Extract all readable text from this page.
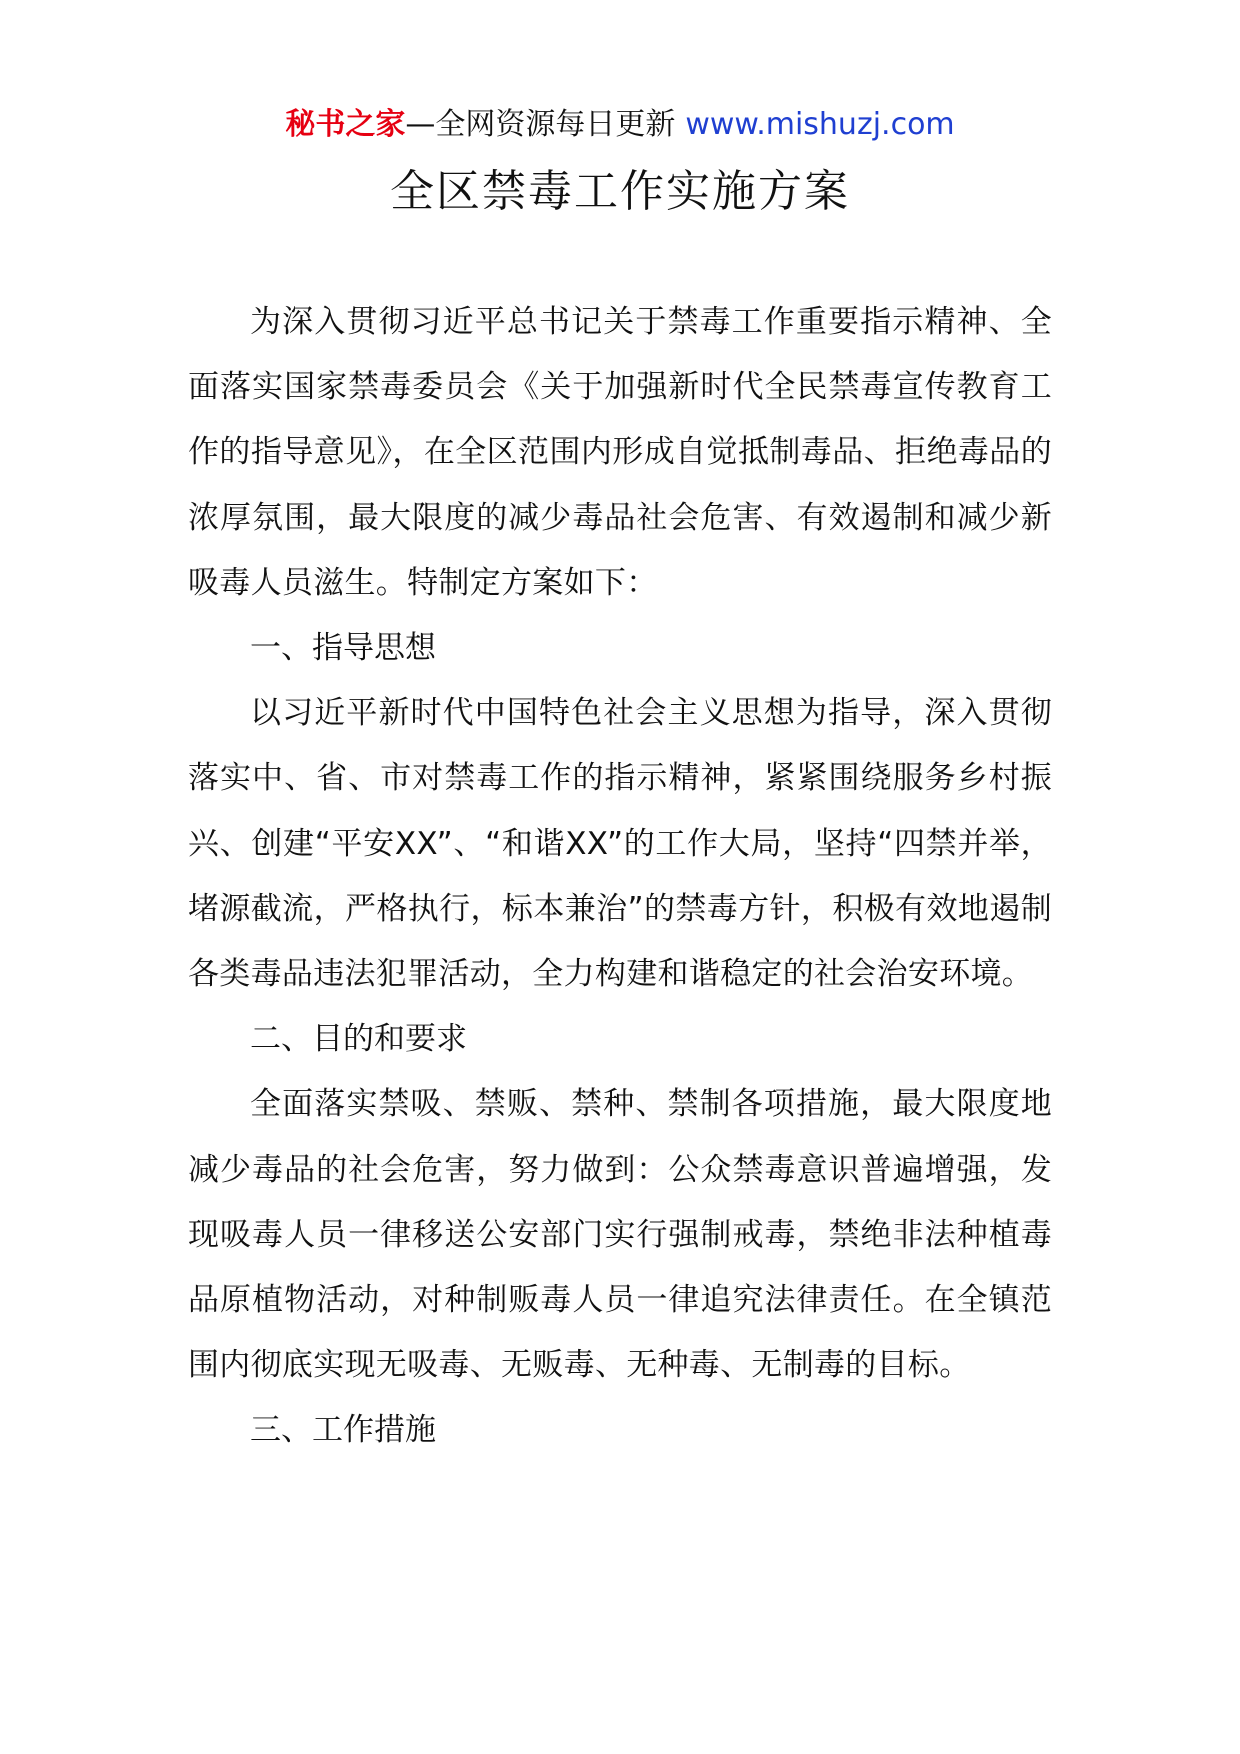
秘书之家—全网资源每日更新 www.mishuzj.com
全区禁毒工作实施方案

为深入贯彻习近平总书记关于禁毒工作重要指示精神、全面落实国家禁毒委员会《关于加强新时代全民禁毒宣传教育工作的指导意见》，在全区范围内形成自觉抵制毒品、拒绝毒品的浓厚氛围，最大限度的减少毒品社会危害、有效遏制和减少新吸毒人员滋生。特制定方案如下：

一、指导思想

以习近平新时代中国特色社会主义思想为指导，深入贯彻落实中、省、市对禁毒工作的指示精神，紧紧围绕服务乡村振兴、创建“平安XX”、“和谐XX”的工作大局，坚持“四禁并举，堵源截流，严格执行，标本兼治”的禁毒方针，积极有效地遏制各类毒品违法犯罪活动，全力构建和谐稳定的社会治安环境。

二、目的和要求

全面落实禁吸、禁贩、禁种、禁制各项措施，最大限度地减少毒品的社会危害，努力做到：公众禁毒意识普遍增强，发现吸毒人员一律移送公安部门实行强制戒毒，禁绝非法种植毒品原植物活动，对种制贩毒人员一律追究法律责任。在全镇范围内彻底实现无吸毒、无贩毒、无种毒、无制毒的目标。

三、工作措施
